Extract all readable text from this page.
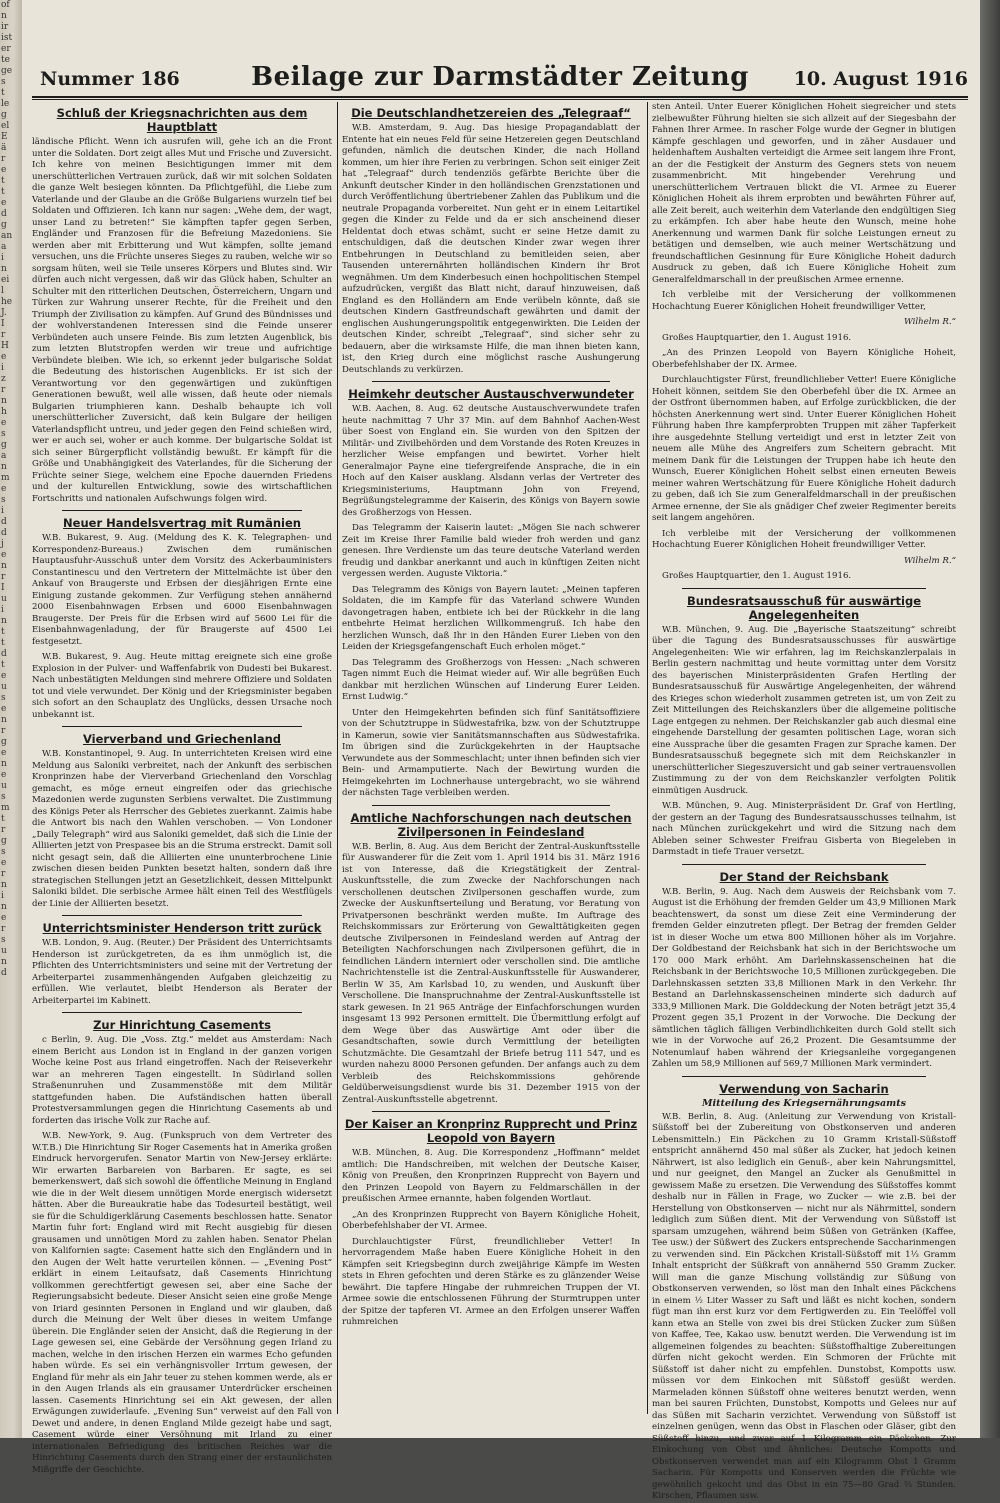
of
n
ir
ist
er
te
ge
s
t
le
g
el
E
ä
r
e
t
t
e
d
g
an
a
i
n
ei
l
he
J.
I
r
H
e
i
z
r
n
h
e
s
g
a
n
m
e
s
i
d
d
j
e
n
r
I
u
i
n
t
t
d
t
e
u
s
e
n
r
g
e
n
e
u
s
m
t
r
g
s
e
r
n
i
n
e
r
s
u
n
d
Nummer 186	Beilage zur Darmstädter Zeitung	10. August 1916
Schluß der Kriegsnachrichten aus dem Hauptblatt

ländische Pflicht. Wenn ich ausrufen will, gehe ich an die Front unter die Soldaten. Dort zeigt alles Mut und Frische und Zuversicht. Ich kehre von meinen Besichtigungen immer mit dem unerschütterlichen Vertrauen zurück, daß wir mit solchen Soldaten die ganze Welt besiegen könnten. Da Pflichtgefühl, die Liebe zum Vaterlande und der Glaube an die Größe Bulgariens wurzeln tief bei Soldaten und Offizieren. Ich kann nur sagen: „Wehe dem, der wagt, unser Land zu betreten!“ Sie kämpften tapfer gegen Serben, Engländer und Franzosen für die Befreiung Mazedoniens. Sie werden aber mit Erbitterung und Wut kämpfen, sollte jemand versuchen, uns die Früchte unseres Sieges zu rauben, welche wir so sorgsam hüten, weil sie Teile unseres Körpers und Blutes sind. Wir dürfen auch nicht vergessen, daß wir das Glück haben, Schulter an Schulter mit den ritterlichen Deutschen, Österreichern, Ungarn und Türken zur Wahrung unserer Rechte, für die Freiheit und den Triumph der Zivilisation zu kämpfen. Auf Grund des Bündnisses und der wohlverstandenen Interessen sind die Feinde unserer Verbündeten auch unsere Feinde. Bis zum letzten Augenblick, bis zum letzten Blutstropfen werden wir treue und aufrichtige Verbündete bleiben. Wie ich, so erkennt jeder bulgarische Soldat die Bedeutung des historischen Augenblicks. Er ist sich der Verantwortung vor den gegenwärtigen und zukünftigen Generationen bewußt, weil alle wissen, daß heute oder niemals Bulgarien triumphieren kann. Deshalb behaupte ich voll unerschütterlicher Zuversicht, daß kein Bulgare der heiligen Vaterlandspflicht untreu, und jeder gegen den Feind schießen wird, wer er auch sei, woher er auch komme. Der bulgarische Soldat ist sich seiner Bürgerpflicht vollständig bewußt. Er kämpft für die Größe und Unabhängigkeit des Vaterlandes, für die Sicherung der Früchte seiner Siege, welchem eine Epoche dauernden Friedens und der kulturellen Entwicklung, sowie des wirtschaftlichen Fortschritts und nationalen Aufschwungs folgen wird.

Neuer Handelsvertrag mit Rumänien

W.B. Bukarest, 9. Aug. (Meldung des K. K. Telegraphen- und Korrespondenz-Bureaus.) Zwischen dem rumänischen Hauptausfuhr-Ausschuß unter dem Vorsitz des Ackerbauministers Constantinescu und den Vertretern der Mittelmächte ist über den Ankauf von Braugerste und Erbsen der diesjährigen Ernte eine Einigung zustande gekommen. Zur Verfügung stehen annähernd 2000 Eisenbahnwagen Erbsen und 6000 Eisenbahnwagen Braugerste. Der Preis für die Erbsen wird auf 5600 Lei für die Eisenbahnwagenladung, der für Braugerste auf 4500 Lei festgesetzt.

W.B. Bukarest, 9. Aug. Heute mittag ereignete sich eine große Explosion in der Pulver- und Waffenfabrik von Dudesti bei Bukarest. Nach unbestätigten Meldungen sind mehrere Offiziere und Soldaten tot und viele verwundet. Der König und der Kriegsminister begaben sich sofort an den Schauplatz des Unglücks, dessen Ursache noch unbekannt ist.

Vierverband und Griechenland

W.B. Konstantinopel, 9. Aug. In unterrichteten Kreisen wird eine Meldung aus Saloniki verbreitet, nach der Ankunft des serbischen Kronprinzen habe der Vierverband Griechenland den Vorschlag gemacht, es möge erneut eingreifen oder das griechische Mazedonien werde zugunsten Serbiens verwaltet. Die Zustimmung des Königs Peter als Herrscher des Gebietes zuerkannt. Zaimis habe die Antwort bis nach den Wahlen verschoben. — Von Londoner „Daily Telegraph“ wird aus Saloniki gemeldet, daß sich die Linie der Alliierten jetzt von Prespasee bis an die Struma erstreckt. Damit soll nicht gesagt sein, daß die Alliierten eine ununterbrochene Linie zwischen diesen beiden Punkten besetzt halten, sondern daß ihre strategischen Stellungen jetzt an Gesetzlichkeit, dessen Mittelpunkt Saloniki bildet. Die serbische Armee hält einen Teil des Westflügels der Linie der Alliierten besetzt.

Unterrichtsminister Henderson tritt zurück

W.B. London, 9. Aug. (Reuter.) Der Präsident des Unterrichtsamts Henderson ist zurückgetreten, da es ihm unmöglich ist, die Pflichten des Unterrichtsministers und seine mit der Vertretung der Arbeiterpartei zusammenhängenden Aufgaben gleichzeitig zu erfüllen. Wie verlautet, bleibt Henderson als Berater der Arbeiterpartei im Kabinett.

Zur Hinrichtung Casements

c Berlin, 9. Aug. Die „Voss. Ztg.“ meldet aus Amsterdam: Nach einem Bericht aus London ist in England in der ganzen vorigen Woche keine Post aus Irland eingetroffen. Nach der Reiseverkehr war an mehreren Tagen eingestellt. In Südirland sollen Straßenunruhen und Zusammenstöße mit dem Militär stattgefunden haben. Die Aufständischen hatten überall Protestversammlungen gegen die Hinrichtung Casements ab und forderten das irische Volk zur Rache auf.

W.B. New-York, 9. Aug. (Funkspruch von dem Vertreter des W.T.B.) Die Hinrichtung Sir Roger Casements hat in Amerika großen Eindruck hervorgerufen. Senator Martin von New-Jersey erklärte: Wir erwarten Barbareien von Barbaren. Er sagte, es sei bemerkenswert, daß sich sowohl die öffentliche Meinung in England wie die in der Welt diesem unnötigen Morde energisch widersetzt hätten. Aber die Bureaukratie habe das Todesurteil bestätigt, weil sie für die Schuldigerklärung Casements beschlossen hatte. Senator Martin fuhr fort: England wird mit Recht ausgiebig für diesen grausamen und unnötigen Mord zu zahlen haben. Senator Phelan von Kalifornien sagte: Casement hatte sich den Engländern und in den Augen der Welt hatte verurteilen können. — „Evening Post“ erklärt in einem Leitaufsatz, daß Casements Hinrichtung vollkommen gerechtfertigt gewesen sei, aber eine Sache der Regierungsabsicht bedeute. Dieser Ansicht seien eine große Menge von Iriard gesinnten Personen in England und wir glauben, daß durch die Meinung der Welt über dieses in weitem Umfange überein. Die Engländer seien der Ansicht, daß die Regierung in der Lage gewesen sei, eine Gebärde der Versöhnung gegen Irland zu machen, welche in den irischen Herzen ein warmes Echo gefunden haben würde. Es sei ein verhängnisvoller Irrtum gewesen, der England für mehr als ein Jahr teuer zu stehen kommen werde, als er in den Augen Irlands als ein grausamer Unterdrücker erscheinen lassen. Casements Hinrichtung sei ein Akt gewesen, der allen Erwägungen zuwiderlaufe. „Evening Sun“ verweist auf den Fall von Dewet und andere, in denen England Milde gezeigt habe und sagt, Casement würde einer Versöhnung mit Irland zu einer internationalen Befriedigung des britischen Reiches war die Hinrichtung Casements durch den Strang einer der erstaunlichsten Mißgriffe der Geschichte.

Die Deutschlandhetzereien des „Telegraaf“

W.B. Amsterdam, 9. Aug. Das hiesige Propagandablatt der Entente hat ein neues Feld für seine Hetzereien gegen Deutschland gefunden, nämlich die deutschen Kinder, die nach Holland kommen, um hier ihre Ferien zu verbringen. Schon seit einiger Zeit hat „Telegraaf“ durch tendenziös gefärbte Berichte über die Ankunft deutscher Kinder in den holländischen Grenzstationen und durch Veröffentlichung übertriebener Zahlen das Publikum und die neutrale Propaganda vorbereitet. Nun geht er in einem Leitartikel gegen die Kinder zu Felde und da er sich anscheinend dieser Heldentat doch etwas schämt, sucht er seine Hetze damit zu entschuldigen, daß die deutschen Kinder zwar wegen ihrer Entbehrungen in Deutschland zu bemitleiden seien, aber Tausenden unterernährten holländischen Kindern ihr Brot wegnähmen. Um dem Kinderbesuch einen hochpolitischen Stempel aufzudrücken, vergißt das Blatt nicht, darauf hinzuweisen, daß England es den Holländern am Ende verübeln könnte, daß sie deutschen Kindern Gastfreundschaft gewährten und damit der englischen Aushungerungspolitik entgegenwirkten. Die Leiden der deutschen Kinder, schreibt „Telegraaf“, sind sicher sehr zu bedauern, aber die wirksamste Hilfe, die man ihnen bieten kann, ist, den Krieg durch eine möglichst rasche Aushungerung Deutschlands zu verkürzen.

Heimkehr deutscher Austauschverwundeter

W.B. Aachen, 8. Aug. 62 deutsche Austauschverwundete trafen heute nachmittag 7 Uhr 37 Min. auf dem Bahnhof Aachen-West über Soest von England ein. Sie wurden von den Spitzen der Militär- und Zivilbehörden und dem Vorstande des Roten Kreuzes in herzlicher Weise empfangen und bewirtet. Vorher hielt Generalmajor Payne eine tiefergreifende Ansprache, die in ein Hoch auf den Kaiser ausklang. Alsdann verlas der Vertreter des Kriegsministeriums, Hauptmann John von Freyend, Begrüßungstelegramme der Kaiserin, des Königs von Bayern sowie des Großherzogs von Hessen.

Das Telegramm der Kaiserin lautet: „Mögen Sie nach schwerer Zeit im Kreise Ihrer Familie bald wieder froh werden und ganz genesen. Ihre Verdienste um das teure deutsche Vaterland werden freudig und dankbar anerkannt und auch in künftigen Zeiten nicht vergessen werden. Auguste Viktoria.“

Das Telegramm des Königs von Bayern lautet: „Meinen tapferen Soldaten, die im Kampfe für das Vaterland schwere Wunden davongetragen haben, entbiete ich bei der Rückkehr in die lang entbehrte Heimat herzlichen Willkommengruß. Ich habe den herzlichen Wunsch, daß Ihr in den Händen Eurer Lieben von den Leiden der Kriegsgefangenschaft Euch erholen möget.“

Das Telegramm des Großherzogs von Hessen: „Nach schweren Tagen nimmt Euch die Heimat wieder auf. Wir alle begrüßen Euch dankbar mit herzlichen Wünschen auf Linderung Eurer Leiden. Ernst Ludwig.“

Unter den Heimgekehrten befinden sich fünf Sanitätsoffiziere von der Schutztruppe in Südwestafrika, bzw. von der Schutztruppe in Kamerun, sowie vier Sanitätsmannschaften aus Südwestafrika. Im übrigen sind die Zurückgekehrten in der Hauptsache Verwundete aus der Sommeschlacht; unter ihnen befinden sich vier Bein- und Armamputierte. Nach der Bewirtung wurden die Heimgekehrten im Lochnerhause untergebracht, wo sie während der nächsten Tage verbleiben werden.

Amtliche Nachforschungen nach deutschen Zivilpersonen in Feindesland

W.B. Berlin, 8. Aug. Aus dem Bericht der Zentral-Auskunftsstelle für Auswanderer für die Zeit vom 1. April 1914 bis 31. März 1916 ist von Interesse, daß die Kriegstätigkeit der Zentral-Auskunftsstelle, die zum Zwecke der Nachforschungen nach verschollenen deutschen Zivilpersonen geschaffen wurde, zum Zwecke der Auskunftserteilung und Beratung, vor Beratung von Privatpersonen beschränkt werden mußte. Im Auftrage des Reichskommissars zur Erörterung von Gewalttätigkeiten gegen deutsche Zivilpersonen in Feindesland werden auf Antrag der Beteiligten Nachforschungen nach Zivilpersonen geführt, die in feindlichen Ländern interniert oder verschollen sind. Die amtliche Nachrichtenstelle ist die Zentral-Auskunftsstelle für Auswanderer, Berlin W 35, Am Karlsbad 10, zu wenden, und Auskunft über Verschollene. Die Inanspruchnahme der Zentral-Auskunftsstelle ist stark gewesen. In 21 965 Anträge der Einfachforschungen wurden insgesamt 13 992 Personen ermittelt. Die Übermittlung erfolgt auf dem Wege über das Auswärtige Amt oder über die Gesandtschaften, sowie durch Vermittlung der beteiligten Schutzmächte. Die Gesamtzahl der Briefe betrug 111 547, und es wurden nahezu 8000 Personen gefunden. Der anfangs auch zu dem Verbleib des Reichskommissions gehörende Geldüberweisungsdienst wurde bis 31. Dezember 1915 von der Zentral-Auskunftsstelle abgetrennt.

Der Kaiser an Kronprinz Rupprecht und Prinz Leopold von Bayern

W.B. München, 8. Aug. Die Korrespondenz „Hoffmann“ meldet amtlich: Die Handschreiben, mit welchen der Deutsche Kaiser, König von Preußen, den Kronprinzen Rupprecht von Bayern und den Prinzen Leopold von Bayern zu Feldmarschällen in der preußischen Armee ernannte, haben folgenden Wortlaut.

„An des Kronprinzen Rupprecht von Bayern Königliche Hoheit, Oberbefehlshaber der VI. Armee.

Durchlauchtigster Fürst, freundlichlieber Vetter! In hervorragendem Maße haben Euere Königliche Hoheit in den Kämpfen seit Kriegsbeginn durch zweijährige Kämpfe im Westen stets in Ehren gefochten und deren Stärke es zu glänzender Weise bewährt. Die tapfere Hingabe der ruhmreichen Truppen der VI. Armee sowie die entschlossenen Führung der Sturmtruppen unter der Spitze der tapferen VI. Armee an den Erfolgen unserer Waffen ruhmreichen

sten Anteil. Unter Euerer Königlichen Hoheit siegreicher und stets zielbewußter Führung hielten sie sich allzeit auf der Siegesbahn der Fahnen Ihrer Armee. In rascher Folge wurde der Gegner in blutigen Kämpfe geschlagen und geworfen, und in zäher Ausdauer und heldenhaftem Aushalten verteidigt die Armee seit langem ihre Front, an der die Festigkeit der Ansturm des Gegners stets von neuem zusammenbricht. Mit hingebender Verehrung und unerschütterlichem Vertrauen blickt die VI. Armee zu Euerer Königlichen Hoheit als ihrem erprobten und bewährten Führer auf, alle Zeit bereit, auch weiterhin dem Vaterlande den endgültigen Sieg zu erkämpfen. Ich aber habe heute den Wunsch, meine hohe Anerkennung und warmen Dank für solche Leistungen erneut zu betätigen und demselben, wie auch meiner Wertschätzung und freundschaftlichen Gesinnung für Eure Königliche Hoheit dadurch Ausdruck zu geben, daß ich Euere Königliche Hoheit zum Generalfeldmarschall in der preußischen Armee ernenne.

Ich verbleibe mit der Versicherung der vollkommenen Hochachtung Euerer Königlichen Hoheit freundwilliger Vetter,

Wilhelm R.“

Großes Hauptquartier, den 1. August 1916.

„An des Prinzen Leopold von Bayern Königliche Hoheit, Oberbefehlshaber der IX. Armee.

Durchlauchtigster Fürst, freundlichlieber Vetter! Euere Königliche Hoheit können, seitdem Sie den Oberbefehl über die IX. Armee an der Ostfront übernommen haben, auf Erfolge zurückblicken, die der höchsten Anerkennung wert sind. Unter Euerer Königlichen Hoheit Führung haben Ihre kampferprobten Truppen mit zäher Tapferkeit ihre ausgedehnte Stellung verteidigt und erst in letzter Zeit von neuem alle Mühe des Angreifers zum Scheitern gebracht. Mit meinem Dank für die Leistungen der Truppen habe ich heute den Wunsch, Euerer Königlichen Hoheit selbst einen erneuten Beweis meiner wahren Wertschätzung für Euere Königliche Hoheit dadurch zu geben, daß ich Sie zum Generalfeldmarschall in der preußischen Armee ernenne, der Sie als gnädiger Chef zweier Regimenter bereits seit langem angehören.

Ich verbleibe mit der Versicherung der vollkommenen Hochachtung Euerer Königlichen Hoheit freundwilliger Vetter.

Wilhelm R.“

Großes Hauptquartier, den 1. August 1916.

Bundesratsausschuß für auswärtige Angelegenheiten

W.B. München, 9. Aug. Die „Bayerische Staatszeitung“ schreibt über die Tagung des Bundesratsausschusses für auswärtige Angelegenheiten: Wie wir erfahren, lag im Reichskanzlerpalais in Berlin gestern nachmittag und heute vormittag unter dem Vorsitz des bayerischen Ministerpräsidenten Grafen Hertling der Bundesratsausschuß für Auswärtige Angelegenheiten, der während des Krieges schon wiederholt zusammen getreten ist, um von Zeit zu Zeit Mitteilungen des Reichskanzlers über die allgemeine politische Lage entgegen zu nehmen. Der Reichskanzler gab auch diesmal eine eingehende Darstellung der gesamten politischen Lage, woran sich eine Aussprache über die gesamten Fragen zur Sprache kamen. Der Bundesratsausschuß begegnete sich mit dem Reichskanzler in unerschütterlicher Siegeszuversicht und gab seiner vertrauensvollen Zustimmung zu der von dem Reichskanzler verfolgten Politik einmütigen Ausdruck.

W.B. München, 9. Aug. Ministerpräsident Dr. Graf von Hertling, der gestern an der Tagung des Bundesratsausschusses teilnahm, ist nach München zurückgekehrt und wird die Sitzung nach dem Ableben seiner Schwester Freifrau Gisberta von Biegeleben in Darmstadt in tiefe Trauer versetzt.

Der Stand der Reichsbank

W.B. Berlin, 9. Aug. Nach dem Ausweis der Reichsbank vom 7. August ist die Erhöhung der fremden Gelder um 43,9 Millionen Mark beachtenswert, da sonst um diese Zeit eine Verminderung der fremden Gelder einzutreten pflegt. Der Betrag der fremden Gelder ist in dieser Woche um etwa 800 Millionen höher als im Vorjahre. Der Goldbestand der Reichsbank hat sich in der Berichtswoche um 170 000 Mark erhöht. Am Darlehnskassenscheinen hat die Reichsbank in der Berichtswoche 10,5 Millionen zurückgegeben. Die Darlehnskassen setzten 33,8 Millionen Mark in den Verkehr. Ihr Bestand an Darlehnskassenscheinen minderte sich dadurch auf 333,9 Millionen Mark. Die Golddeckung der Noten beträgt jetzt 35,4 Prozent gegen 35,1 Prozent in der Vorwoche. Die Deckung der sämtlichen täglich fälligen Verbindlichkeiten durch Gold stellt sich wie in der Vorwoche auf 26,2 Prozent. Die Gesamtsumme der Notenumlauf haben während der Kriegsanleihe vorgegangenen Zahlen um 58,9 Millionen auf 569,7 Millionen Mark vermindert.

Verwendung von Sacharin
Mitteilung des Kriegsernährungsamts

W.B. Berlin, 8. Aug. (Anleitung zur Verwendung von Kristall-Süßstoff bei der Zubereitung von Obstkonserven und anderen Lebensmitteln.) Ein Päckchen zu 10 Gramm Kristall-Süßstoff entspricht annähernd 450 mal süßer als Zucker, hat jedoch keinen Nährwert, ist also lediglich ein Genuß-, aber kein Nahrungsmittel, und nur geeignet, den Mangel an Zucker als Genußmittel in gewissem Maße zu ersetzen. Die Verwendung des Süßstoffes kommt deshalb nur in Fällen in Frage, wo Zucker — wie z.B. bei der Herstellung von Obstkonserven — nicht nur als Nährmittel, sondern lediglich zum Süßen dient. Mit der Verwendung von Süßstoff ist sparsam umzugehen, während beim Süßen von Getränken (Kaffee, Tee usw.) der Süßwert des Zuckers entsprechende Saccharinmengen zu verwenden sind. Ein Päckchen Kristall-Süßstoff mit 1⅓ Gramm Inhalt entspricht der Süßkraft von annähernd 550 Gramm Zucker. Will man die ganze Mischung vollständig zur Süßung von Obstkonserven verwenden, so löst man den Inhalt eines Päckchens in einem ½ Liter Wasser zu Saft und läßt es nicht kochen, sondern fügt man ihn erst kurz vor dem Fertigwerden zu. Ein Teelöffel voll kann etwa an Stelle von zwei bis drei Stücken Zucker zum Süßen von Kaffee, Tee, Kakao usw. benutzt werden. Die Verwendung ist im allgemeinen folgendes zu beachten: Süßstoffhaltige Zubereitungen dürfen nicht gekocht werden. Ein Schmoren der Früchte mit Süßstoff ist daher nicht zu empfehlen. Dunstobst, Kompotts usw. müssen vor dem Einkochen mit Süßstoff gesüßt werden. Marmeladen können Süßstoff ohne weiteres benutzt werden, wenn man bei sauren Früchten, Dunstobst, Kompotts und Gelees nur auf das Süßen mit Sacharin verzichtet. Verwendung von Süßstoff ist einzelnen genügen, wenn das Obst in Flaschen oder Gläser, gibt den Süßstoff hinzu, und zwar auf 1 Kilogramm ein Päckchen. Zur Einkochung von Obst und ähnliches: Deutsche Kompotts und Obstkonserven verwendet man auf ein Kilogramm Obst 1 Gramm Sacharin. Für Kompotts und Konserven werden die Früchte wie gewöhnlich gekocht und das Obst in ein 75—80 Grad ⅔ Stunden. Kirschen, Pflaumen usw.
